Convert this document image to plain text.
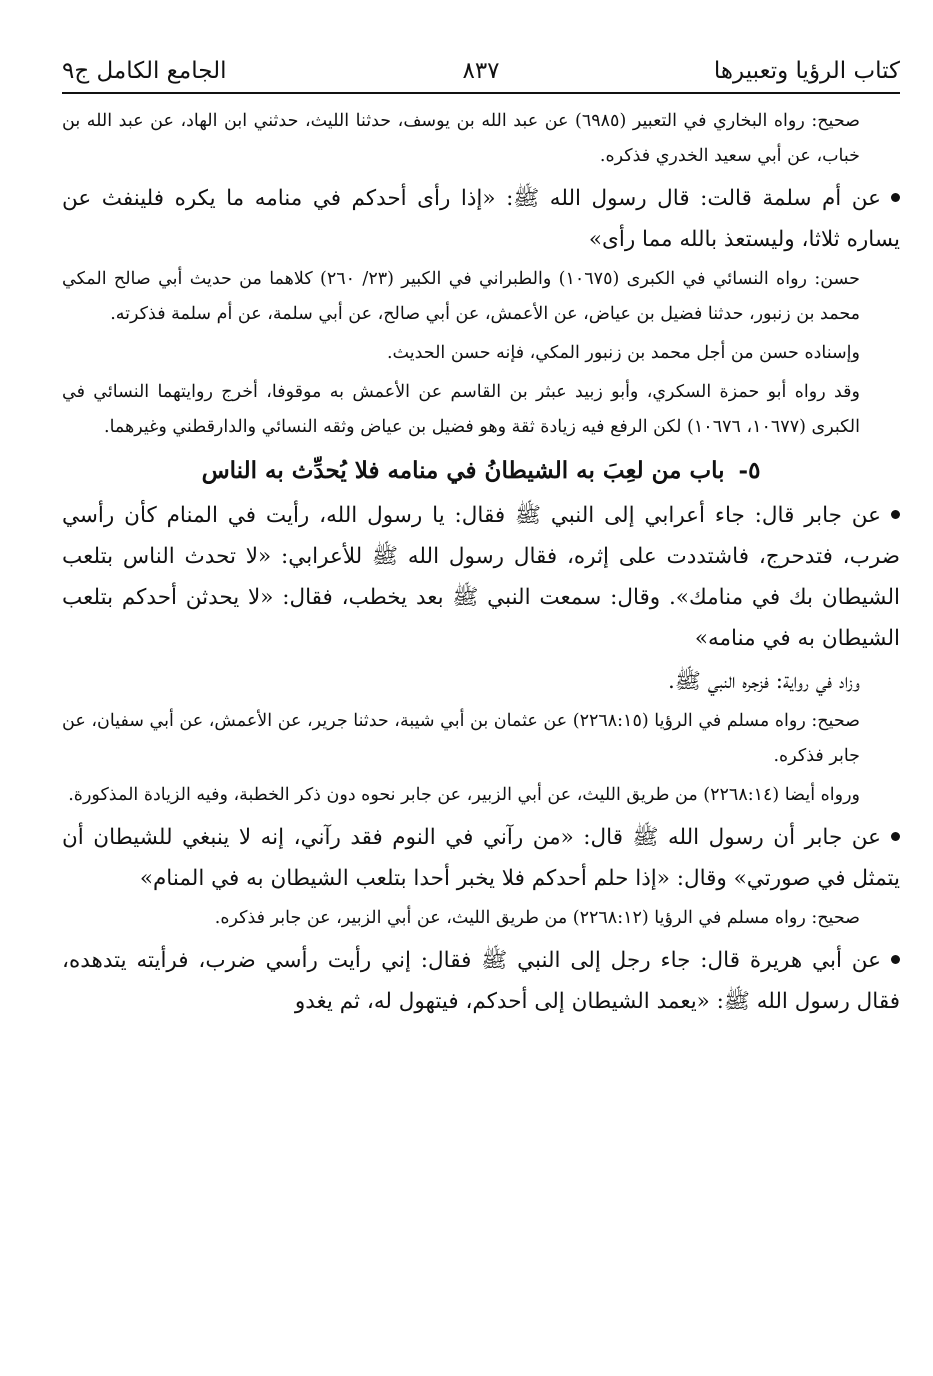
كتاب الرؤيا وتعبيرها
٨٣٧
الجامع الكامل ج٩

صحيح: رواه البخاري في التعبير (٦٩٨٥) عن عبد الله بن يوسف، حدثنا الليث، حدثني ابن الهاد، عن عبد الله بن خباب، عن أبي سعيد الخدري فذكره.

عن أم سلمة قالت: قال رسول الله ﷺ: «إذا رأى أحدكم في منامه ما يكره فلينفث عن يساره ثلاثا، وليستعذ بالله مما رأى»

حسن: رواه النسائي في الكبرى (١٠٦٧٥) والطبراني في الكبير (٢٣/ ٢٦٠) كلاهما من حديث أبي صالح المكي محمد بن زنبور، حدثنا فضيل بن عياض، عن الأعمش، عن أبي صالح، عن أبي سلمة، عن أم سلمة فذكرته.

وإسناده حسن من أجل محمد بن زنبور المكي، فإنه حسن الحديث.

وقد رواه أبو حمزة السكري، وأبو زبيد عبثر بن القاسم عن الأعمش به موقوفا، أخرج روايتهما النسائي في الكبرى (١٠٦٧٧، ١٠٦٧٦) لكن الرفع فيه زيادة ثقة وهو فضيل بن عياض وثقه النسائي والدارقطني وغيرهما.

٥-باب من لعِبَ به الشيطانُ في منامه فلا يُحدِّث به الناس

عن جابر قال: جاء أعرابي إلى النبي ﷺ فقال: يا رسول الله، رأيت في المنام كأن رأسي ضرب، فتدحرج، فاشتددت على إثره، فقال رسول الله ﷺ للأعرابي: «لا تحدث الناس بتلعب الشيطان بك في منامك». وقال: سمعت النبي ﷺ بعد يخطب، فقال: «لا يحدثن أحدكم بتلعب الشيطان به في منامه»

وزاد في رواية: فزجره النبي ﷺ.

صحيح: رواه مسلم في الرؤيا (٢٢٦٨:١٥) عن عثمان بن أبي شيبة، حدثنا جرير، عن الأعمش، عن أبي سفيان، عن جابر فذكره.

ورواه أيضا (٢٢٦٨:١٤) من طريق الليث، عن أبي الزبير، عن جابر نحوه دون ذكر الخطبة، وفيه الزيادة المذكورة.

عن جابر أن رسول الله ﷺ قال: «من رآني في النوم فقد رآني، إنه لا ينبغي للشيطان أن يتمثل في صورتي» وقال: «إذا حلم أحدكم فلا يخبر أحدا بتلعب الشيطان به في المنام»

صحيح: رواه مسلم في الرؤيا (٢٢٦٨:١٢) من طريق الليث، عن أبي الزبير، عن جابر فذكره.

عن أبي هريرة قال: جاء رجل إلى النبي ﷺ فقال: إني رأيت رأسي ضرب، فرأيته يتدهده، فقال رسول الله ﷺ: «يعمد الشيطان إلى أحدكم، فيتهول له، ثم يغدو
